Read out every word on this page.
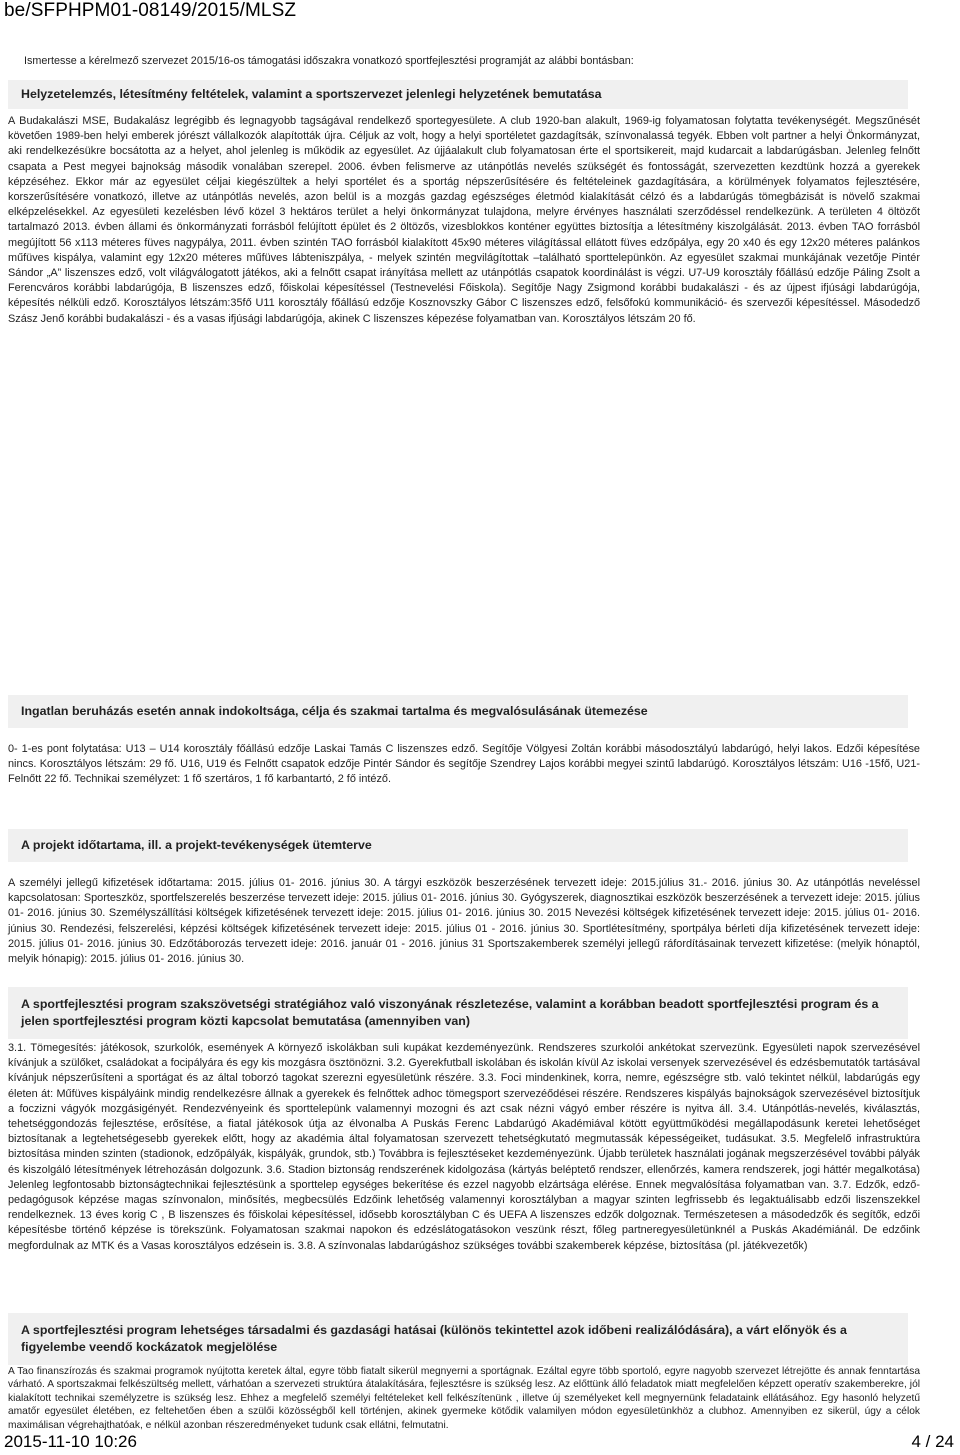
be/SFPHPM01-08149/2015/MLSZ
Ismertesse a kérelmező szervezet 2015/16-os támogatási időszakra vonatkozó sportfejlesztési programját az alábbi bontásban:
Helyzetelemzés, létesítmény feltételek, valamint a sportszervezet jelenlegi helyzetének bemutatása
A Budakalászi MSE, Budakalász legrégibb és legnagyobb tagságával rendelkező sportegyesülete. A club 1920-ban alakult, 1969-ig folyamatosan folytatta tevékenységét. Megszűnését követően 1989-ben helyi emberek jórészt vállalkozók alapították újra. Céljuk az volt, hogy a helyi sportéletet gazdagítsák, színvonalassá tegyék. Ebben volt partner a helyi Önkormányzat, aki rendelkezésükre bocsátotta az a helyet, ahol jelenleg is működik az egyesület. Az újjáalakult club folyamatosan érte el sportsikereit, majd kudarcait a labdarúgásban. Jelenleg felnőtt csapata a Pest megyei bajnokság második vonalában szerepel. 2006. évben felismerve az utánpótlás nevelés szükségét és fontosságát, szervezetten kezdtünk hozzá a gyerekek képzéséhez. Ekkor már az egyesület céljai kiegészültek a helyi sportélet és a sportág népszerűsítésére és feltételeinek gazdagítására, a körülmények folyamatos fejlesztésére, korszerűsítésére vonatkozó, illetve az utánpótlás nevelés, azon belül is a mozgás gazdag egészséges életmód kialakítását célzó és a labdarúgás tömegbázisát is növelő szakmai elképzelésekkel. Az egyesületi kezelésben lévő közel 3 hektáros terület a helyi önkormányzat tulajdona, melyre érvényes használati szerződéssel rendelkezünk. A területen 4 öltözőt tartalmazó 2013. évben állami és önkormányzati forrásból felújított épület és 2 öltözős, vizesblokkos konténer együttes biztosítja a létesítmény kiszolgálását. 2013. évben TAO forrásból megújított 56 x113 méteres füves nagypálya, 2011. évben szintén TAO forrásból kialakított 45x90 méteres világítással ellátott füves edzőpálya, egy 20 x40 és egy 12x20 méteres palánkos műfüves kispálya, valamint egy 12x20 méteres műfüves lábteniszpálya, - melyek szintén megvilágítottak –található sporttelepünkön. Az egyesület szakmai munkájának vezetője Pintér Sándor „A” liszenszes edző, volt világválogatott játékos, aki a felnőtt csapat irányítása mellett az utánpótlás csapatok koordinálást is végzi. U7-U9 korosztály főállású edzője Páling Zsolt a Ferencváros korábbi labdarúgója, B liszenszes edző, főiskolai képesítéssel (Testnevelési Főiskola). Segítője Nagy Zsigmond korábbi budakalászi - és az újpest ifjúsági labdarúgója, képesítés nélküli edző. Korosztályos létszám:35fő U11 korosztály főállású edzője Kosznovszky Gábor C liszenszes edző, felsőfokú kommunikáció- és szervezői képesítéssel. Másodedző Szász Jenő korábbi budakalászi - és a vasas ifjúsági labdarúgója, akinek C liszenszes képezése folyamatban van. Korosztályos létszám 20 fő.
Ingatlan beruházás esetén annak indokoltsága, célja és szakmai tartalma és megvalósulásának ütemezése
0- 1-es pont folytatása: U13 – U14 korosztály főállású edzője Laskai Tamás C liszenszes edző. Segítője Völgyesi Zoltán korábbi másodosztályú labdarúgó, helyi lakos. Edzői képesítése nincs. Korosztályos létszám: 29 fő. U16, U19 és Felnőtt csapatok edzője Pintér Sándor és segítője Szendrey Lajos korábbi megyei szintű labdarúgó. Korosztályos létszám: U16 -15fő, U21-Felnőtt 22 fő. Technikai személyzet: 1 fő szertáros, 1 fő karbantartó, 2 fő intéző.
A projekt időtartama, ill. a projekt-tevékenységek ütemterve
A személyi jellegű kifizetések időtartama: 2015. július 01- 2016. június 30. A tárgyi eszközök beszerzésének tervezett ideje: 2015.július 31.- 2016. június 30. Az utánpótlás neveléssel kapcsolatosan: Sporteszköz, sportfelszerelés beszerzése tervezett ideje: 2015. július 01- 2016. június 30. Gyógyszerek, diagnosztikai eszközök beszerzésének a tervezett ideje: 2015. július 01- 2016. június 30. Személyszállítási költségek kifizetésének tervezett ideje: 2015. július 01- 2016. június 30. 2015 Nevezési költségek kifizetésének tervezett ideje: 2015. július 01- 2016. június 30. Rendezési, felszerelési, képzési költségek kifizetésének tervezett ideje: 2015. július 01 - 2016. június 30. Sportlétesítmény, sportpálya bérleti díja kifizetésének tervezett ideje: 2015. július 01- 2016. június 30. Edzőtáborozás tervezett ideje: 2016. január 01 - 2016. június 31 Sportszakemberek személyi jellegű ráfordításainak tervezett kifizetése: (melyik hónaptól, melyik hónapig): 2015. július 01- 2016. június 30.
A sportfejlesztési program szakszövetségi stratégiához való viszonyának részletezése, valamint a korábban beadott sportfejlesztési program és a jelen sportfejlesztési program közti kapcsolat bemutatása (amennyiben van)
3.1. Tömegesítés: játékosok, szurkolók, események A környező iskolákban suli kupákat kezdeményezünk. Rendszeres szurkolói ankétokat szervezünk. Egyesületi napok szervezésével kívánjuk a szülőket, családokat a focipályára és egy kis mozgásra ösztönözni. 3.2. Gyerekfutball iskolában és iskolán kívül Az iskolai versenyek szervezésével és edzésbemutatók tartásával kívánjuk népszerűsíteni a sportágat és az által toborzó tagokat szerezni egyesületünk részére. 3.3. Foci mindenkinek, korra, nemre, egészségre stb. való tekintet nélkül, labdarúgás egy életen át: Műfüves kispályáink mindig rendelkezésre állnak a gyerekek és felnőttek adhoc tömegsport szervezéődései részére. Rendszeres kispályás bajnokságok szervezésével biztosítjuk a foczizni vágyók mozgásigényét. Rendezvényeink és sporttelepünk valamennyi mozogni és azt csak nézni vágyó ember részére is nyitva áll. 3.4. Utánpótlás-nevelés, kiválasztás, tehetséggondozás fejlesztése, erősítése, a fiatal játékosok útja az élvonalba A Puskás Ferenc Labdarúgó Akadémiával kötött együttműködési megállapodásunk keretei lehetőséget biztosítanak a legtehetségesebb gyerekek előtt, hogy az akadémia által folyamatosan szervezett tehetségkutató megmutassák képességeiket, tudásukat. 3.5. Megfelelő infrastruktúra biztosítása minden szinten (stadionok, edzőpályák, kispályák, grundok, stb.) Továbbra is fejlesztéseket kezdeményezünk. Újabb területek használati jogának megszerzésével további pályák és kiszolgáló létesítmények létrehozásán dolgozunk. 3.6. Stadion biztonság rendszerének kidolgozása (kártyás beléptető rendszer, ellenőrzés, kamera rendszerek, jogi háttér megalkotása) Jelenleg legfontosabb biztonságtechnikai fejlesztésünk a sporttelep egységes bekerítése és ezzel nagyobb elzártsága elérése. Ennek megvalósítása folyamatban van. 3.7. Edzők, edző-pedagógusok képzése magas színvonalon, minősítés, megbecsülés Edzőink lehetőség valamennyi korosztályban a magyar szinten legfrissebb és legaktuálisabb edzői liszenszekkel rendelkeznek. 13 éves korig C , B liszenszes és főiskolai képesítéssel, idősebb korosztályban C és UEFA A liszenszes edzők dolgoznak. Természetesen a másodedzők és segítők, edzői képesítésbe történő képzése is törekszünk. Folyamatosan szakmai napokon és edzéslátogatásokon veszünk részt, főleg partneregyesületünknél a Puskás Akadémiánál. De edzőink megfordulnak az MTK és a Vasas korosztályos edzésein is. 3.8. A színvonalas labdarúgáshoz szükséges további szakemberek képzése, biztosítása (pl. játékvezetők)
A sportfejlesztési program lehetséges társadalmi és gazdasági hatásai (különös tekintettel azok időbeni realizálódására), a várt előnyök és a figyelembe veendő kockázatok megjelölése
A Tao finanszírozás és szakmai programok nyújtotta keretek által, egyre több fiatalt sikerül megnyerni a sportágnak. Ezáltal egyre több sportoló, egyre nagyobb szervezet létrejötte és annak fenntartása várható. A sportszakmai felkészültség mellett, várhatóan a szervezeti struktúra átalakítására, fejlesztésre is szükség lesz. Az előttünk álló feladatok miatt megfelelően képzett operatív szakemberekre, jól kialakított technikai személyzetre is szükség lesz. Ehhez a megfelelő személyi feltételeket kell felkészítenünk , illetve új személyeket kell megnyernünk feladataink ellátásához. Egy hasonló helyzetű amatőr egyesület életében, ez feltehetően ében a szülői közösségből kell történjen, akinek gyermeke kötődik valamilyen módon egyesületünkhöz a clubhoz. Amennyiben ez sikerül, úgy a célok maximálisan végrehajthatóak, e nélkül azonban részeredményeket tudunk csak ellátni, felmutatni.
2015-11-10 10:26	4 / 24
